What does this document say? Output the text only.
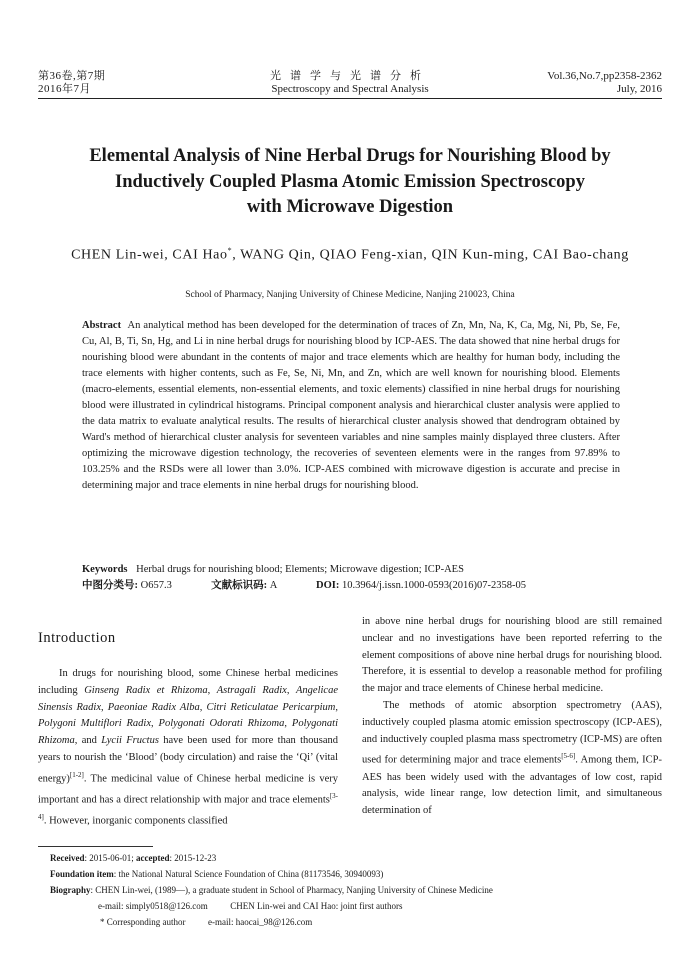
第36卷,第7期
2016年7月
光谱学与光谱分析
Spectroscopy and Spectral Analysis
Vol.36,No.7,pp2358-2362
July, 2016
Elemental Analysis of Nine Herbal Drugs for Nourishing Blood by
Inductively Coupled Plasma Atomic Emission Spectroscopy
with Microwave Digestion
CHEN Lin-wei, CAI Hao*, WANG Qin, QIAO Feng-xian, QIN Kun-ming, CAI Bao-chang
School of Pharmacy, Nanjing University of Chinese Medicine, Nanjing 210023, China
Abstract An analytical method has been developed for the determination of traces of Zn, Mn, Na, K, Ca, Mg, Ni, Pb, Se, Fe, Cu, Al, B, Ti, Sn, Hg, and Li in nine herbal drugs for nourishing blood by ICP-AES. The data showed that nine herbal drugs for nourishing blood were abundant in the contents of major and trace elements which are healthy for human body, including the trace elements with higher contents, such as Fe, Se, Ni, Mn, and Zn, which are well known for nourishing blood. Elements (macro-elements, essential elements, non-essential elements, and toxic elements) classified in nine herbal drugs for nourishing blood were illustrated in cylindrical histograms. Principal component analysis and hierarchical cluster analysis were applied to the data matrix to evaluate analytical results. The results of hierarchical cluster analysis showed that dendrogram obtained by Ward's method of hierarchical cluster analysis for seventeen variables and nine samples mainly displayed three clusters. After optimizing the microwave digestion technology, the recoveries of seventeen elements were in the ranges from 97.89% to 103.25% and the RSDs were all lower than 3.0%. ICP-AES combined with microwave digestion is accurate and precise in determining major and trace elements in nine herbal drugs for nourishing blood.
Keywords Herbal drugs for nourishing blood; Elements; Microwave digestion; ICP-AES
中图分类号: O657.3	文献标识码: A	DOI: 10.3964/j.issn.1000-0593(2016)07-2358-05
Introduction
In drugs for nourishing blood, some Chinese herbal medicines including Ginseng Radix et Rhizoma, Astragali Radix, Angelicae Sinensis Radix, Paeoniae Radix Alba, Citri Reticulatae Pericarpium, Polygoni Multiflori Radix, Polygonati Odorati Rhizoma, Polygonati Rhizoma, and Lycii Fructus have been used for more than thousand years to nourish the ‘Blood’ (body circulation) and raise the ‘Qi’ (vital energy)[1-2]. The medicinal value of Chinese herbal medicine is very important and has a direct relationship with major and trace elements[3-4]. However, inorganic components classified
in above nine herbal drugs for nourishing blood are still remained unclear and no investigations have been reported referring to the element compositions of above nine herbal drugs for nourishing blood. Therefore, it is essential to develop a reasonable method for profiling the major and trace elements of Chinese herbal medicine.
The methods of atomic absorption spectrometry (AAS), inductively coupled plasma atomic emission spectroscopy (ICP-AES), and inductively coupled plasma mass spectrometry (ICP-MS) are often used for determining major and trace elements[5-6]. Among them, ICP-AES has been widely used with the advantages of low cost, rapid analysis, wide linear range, low detection limit, and simultaneous determination of
Received: 2015-06-01; accepted: 2015-12-23
Foundation item: the National Natural Science Foundation of China (81173546, 30940093)
Biography: CHEN Lin-wei, (1989—), a graduate student in School of Pharmacy, Nanjing University of Chinese Medicine
e-mail: simply0518@126.com          CHEN Lin-wei and CAI Hao: joint first authors
* Corresponding author          e-mail: haocai_98@126.com
